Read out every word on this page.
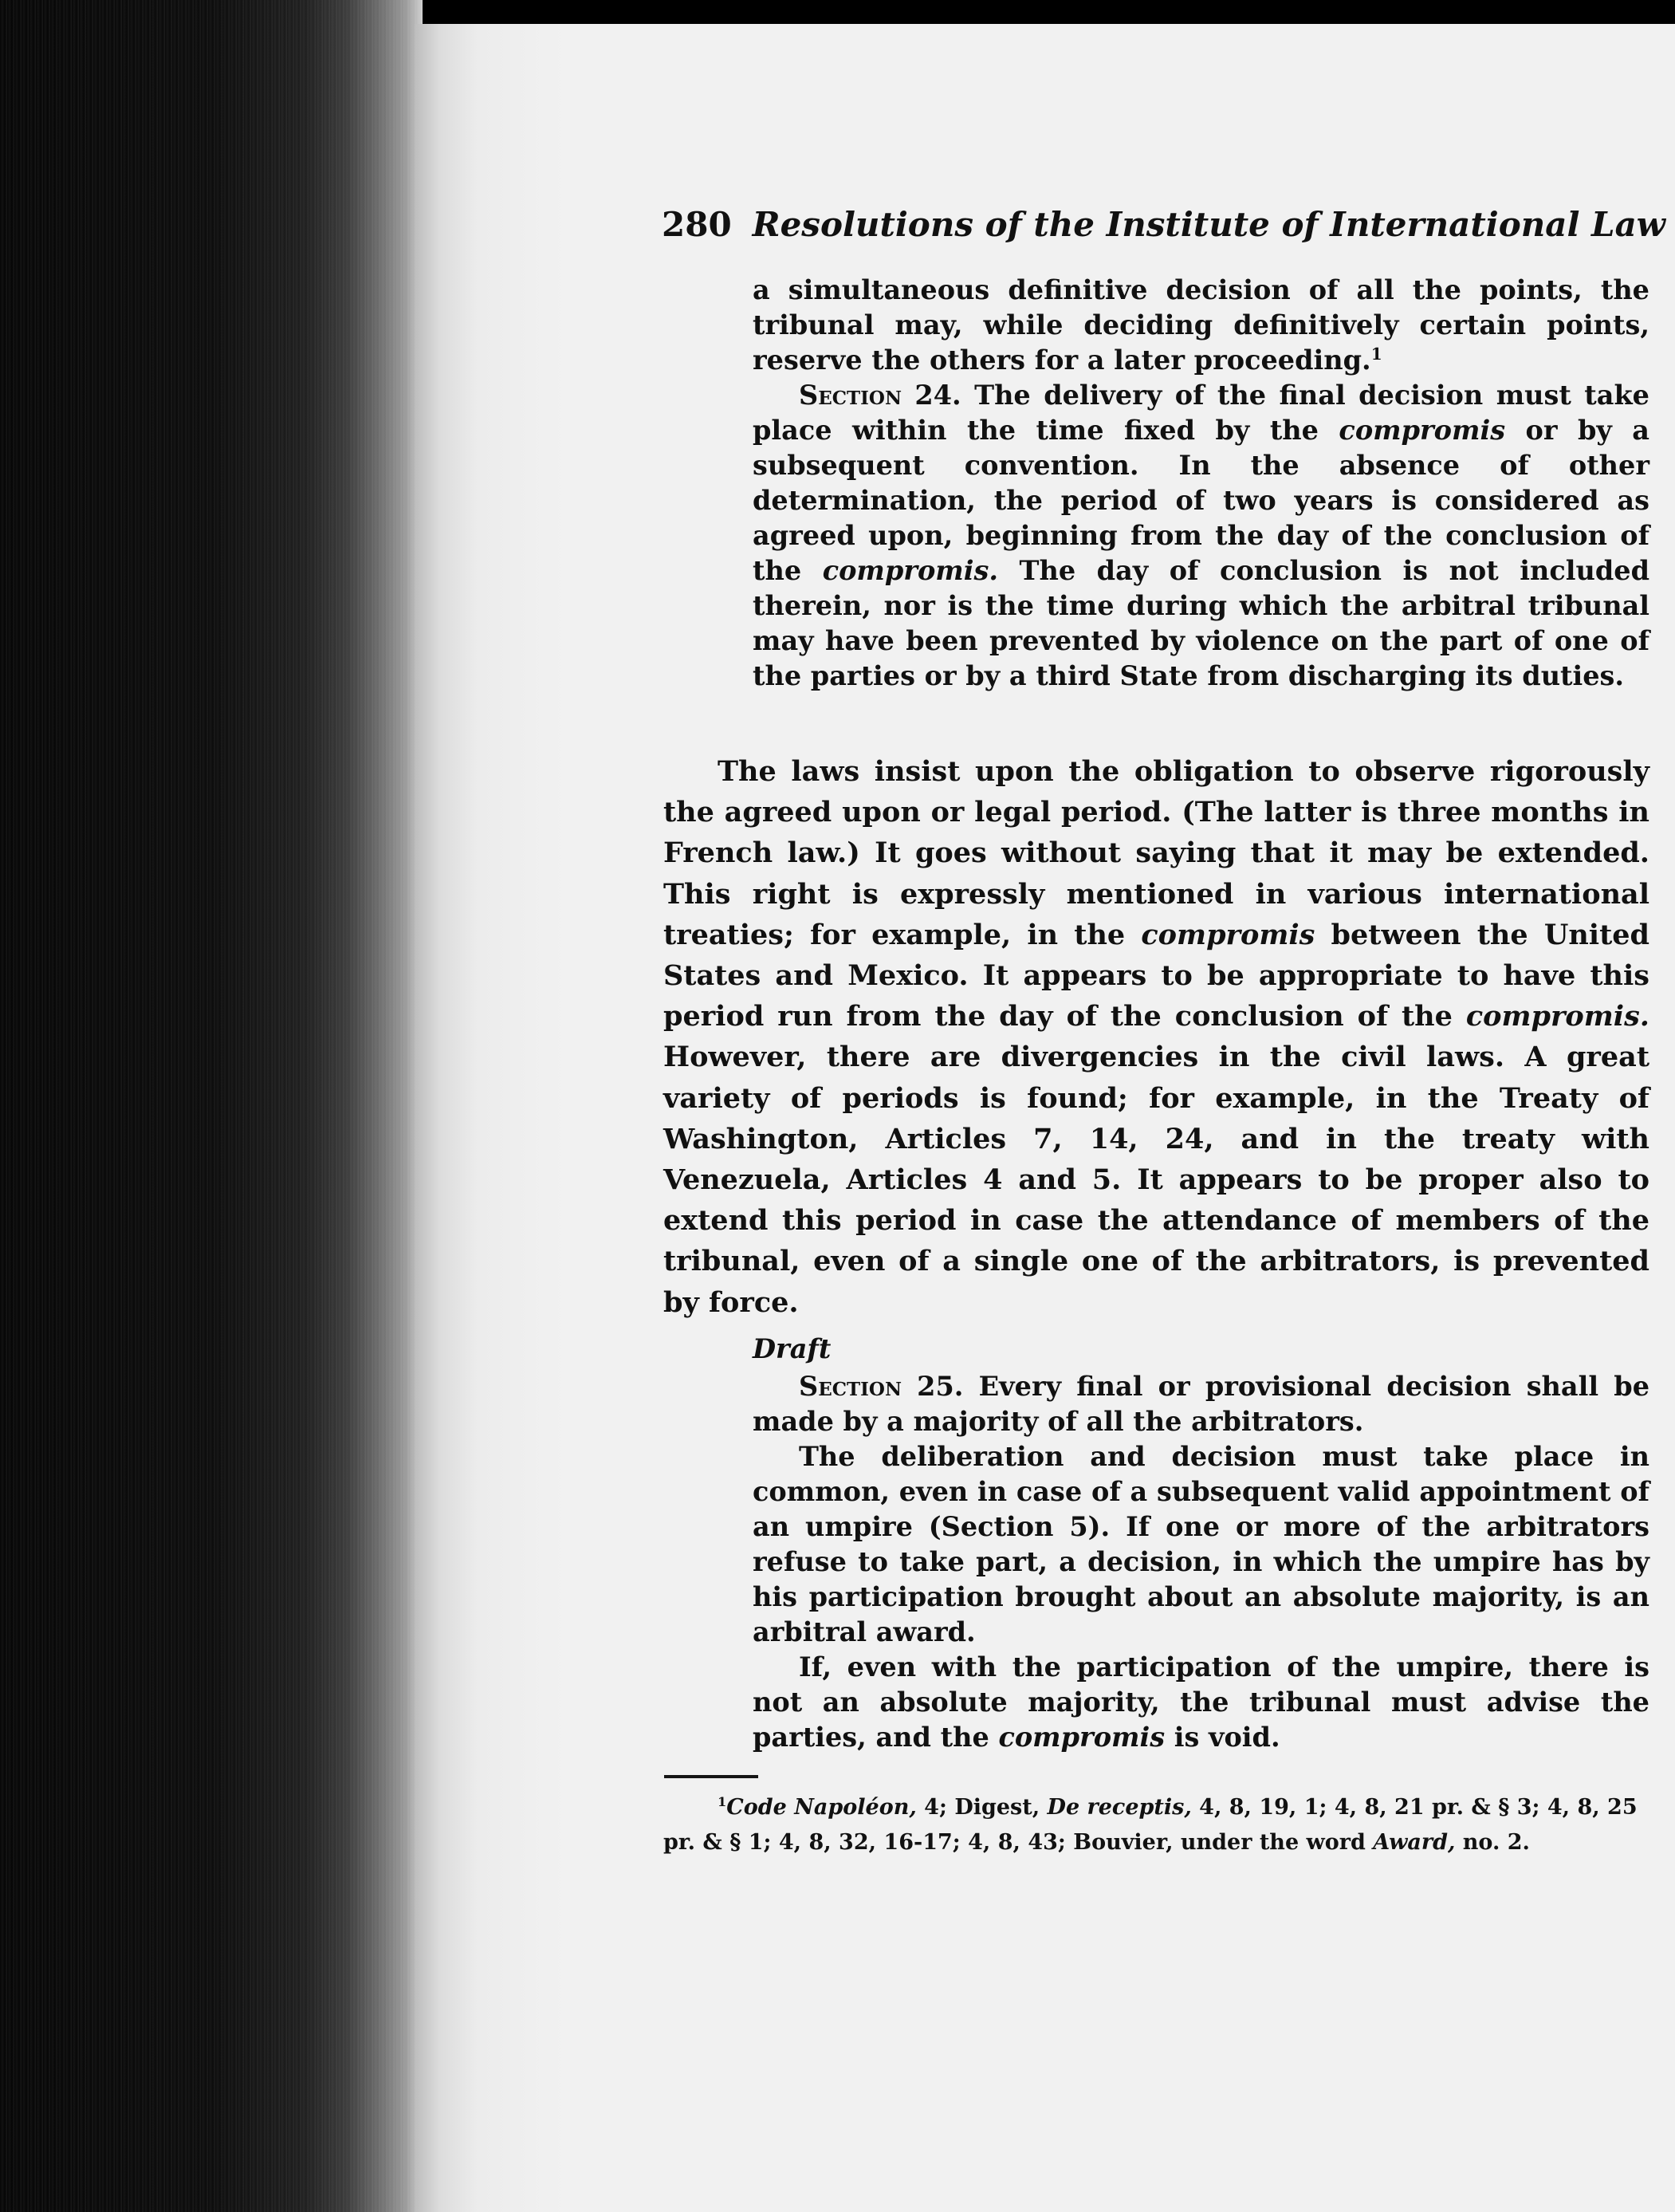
280 Resolutions of the Institute of International Law

a simultaneous definitive decision of all the points, the tribunal may, while deciding definitively certain points, reserve the others for a later proceeding.$^1$

Section 24. The delivery of the final decision must take place within the time fixed by the compromis or by a subsequent convention. In the absence of other determination, the period of two years is considered as agreed upon, beginning from the day of the conclusion of the compromis. The day of conclusion is not included therein, nor is the time during which the arbitral tribunal may have been prevented by violence on the part of one of the parties or by a third State from discharging its duties.

The laws insist upon the obligation to observe rigorously the agreed upon or legal period. (The latter is three months in French law.) It goes without saying that it may be extended. This right is expressly mentioned in various international treaties; for example, in the compromis between the United States and Mexico. It appears to be appropriate to have this period run from the day of the conclusion of the compromis. However, there are divergencies in the civil laws. A great variety of periods is found; for example, in the Treaty of Washington, Articles 7, 14, 24, and in the treaty with Venezuela, Articles 4 and 5. It appears to be proper also to extend this period in case the attendance of members of the tribunal, even of a single one of the arbitrators, is prevented by force.

Draft

Section 25. Every final or provisional decision shall be made by a majority of all the arbitrators.

The deliberation and decision must take place in common, even in case of a subsequent valid appointment of an umpire (Section 5). If one or more of the arbitrators refuse to take part, a decision, in which the umpire has by his participation brought about an absolute majority, is an arbitral award.

If, even with the participation of the umpire, there is not an absolute majority, the tribunal must advise the parties, and the compromis is void.

$^1$Code Napoléon, 4; Digest, De receptis, 4, 8, 19, 1; 4, 8, 21 pr. & § 3; 4, 8, 25 pr. & § 1; 4, 8, 32, 16-17; 4, 8, 43; Bouvier, under the word Award, no. 2.
